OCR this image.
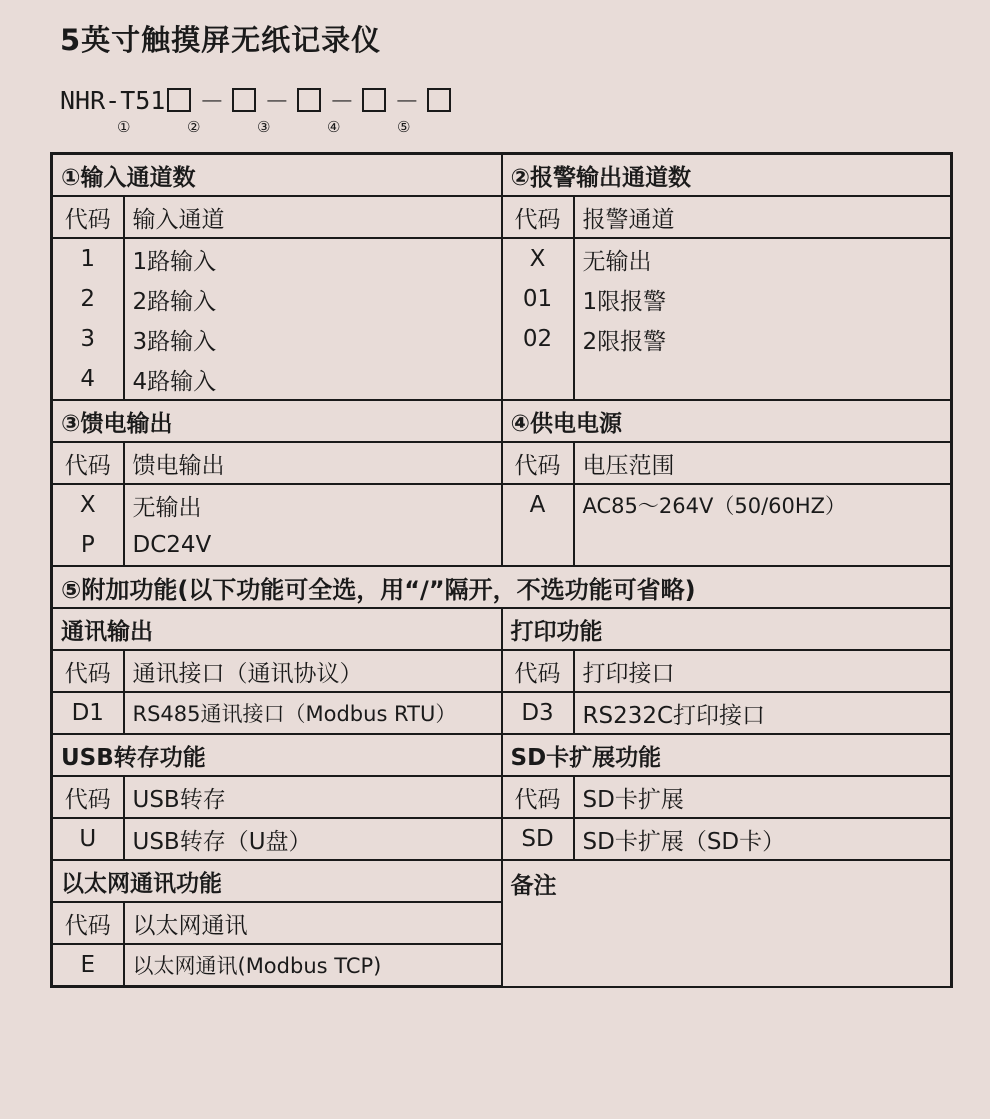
5英寸触摸屏无纸记录仪
NHR-T51 － － － －
①	②	③	④	⑤
①输入通道数		②报警输出通道数	
代码	输入通道	代码	报警通道
1	1路输入	X	无输出
2	2路输入	01	1限报警
3	3路输入	02	2限报警
4	4路输入		
③馈电输出		④供电电源	
代码	馈电输出	代码	电压范围
X	无输出	A	AC85～264V（50/60HZ）
P	DC24V		
⑤附加功能(以下功能可全选，用“/”隔开，不选功能可省略)			
通讯输出		打印功能	
代码	通讯接口（通讯协议）	代码	打印接口
D1	RS485通讯接口（Modbus RTU）	D3	RS232C打印接口
USB转存功能		SD卡扩展功能	
代码	USB转存	代码	SD卡扩展
U	USB转存（U盘）	SD	SD卡扩展（SD卡）
以太网通讯功能		备注	
代码	以太网通讯		
E	以太网通讯(Modbus TCP)		
